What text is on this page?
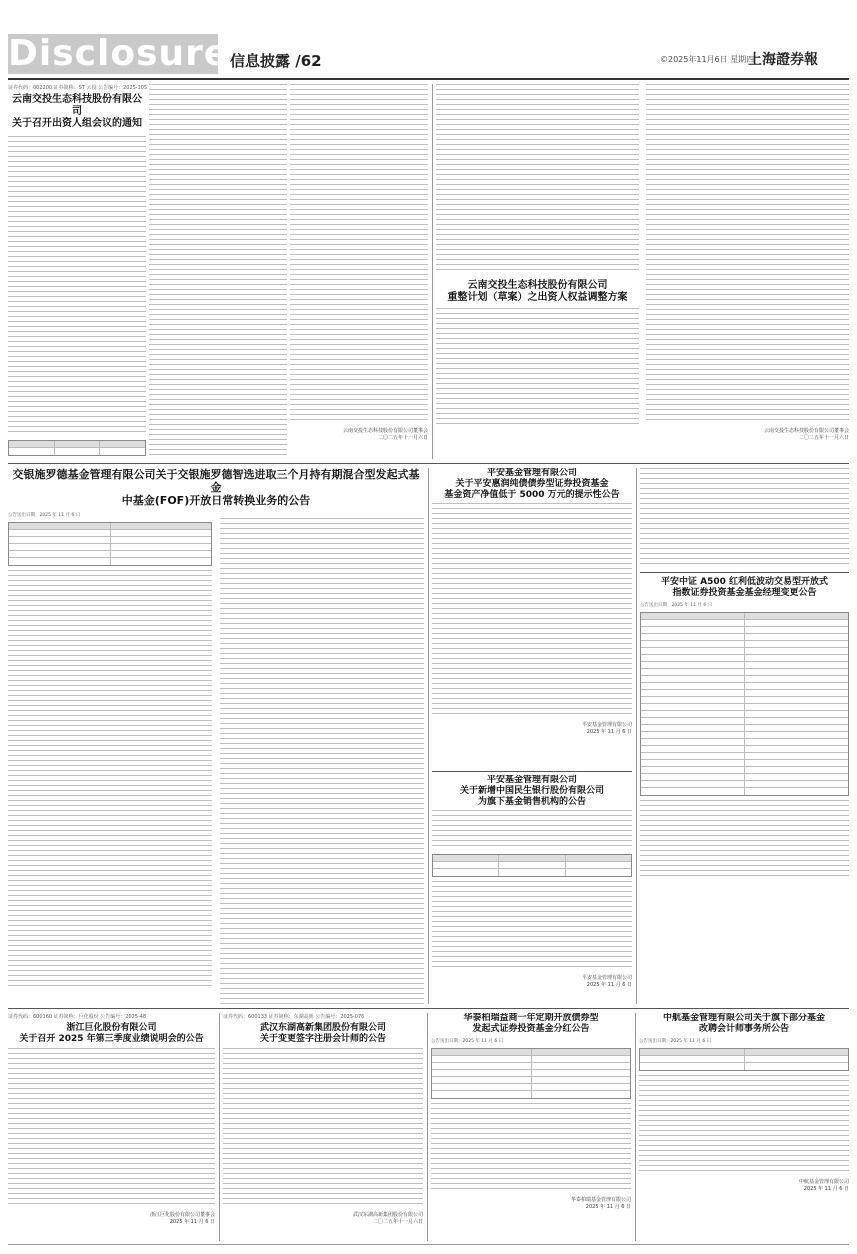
Disclosure 信息披露 /62	©2025年11月6日 星期四
上海證券報
证券代码：002200 证券简称：ST 云投 公告编号：2025-105
云南交投生态科技股份有限公司
关于召开出资人组会议的通知
云南交投生态科技股份有限公司董事会
二〇二五年十一月六日
云南交投生态科技股份有限公司
重整计划（草案）之出资人权益调整方案
云南交投生态科技股份有限公司董事会
二〇二五年十一月六日
交银施罗德基金管理有限公司关于交银施罗德智选进取三个月持有期混合型发起式基金
中基金(FOF)开放日常转换业务的公告
公告送出日期：2025 年 11 月 6 日
平安基金管理有限公司
关于平安惠润纯债债券型证券投资基金
基金资产净值低于 5000 万元的提示性公告
平安基金管理有限公司
2025 年 11 月 6 日
平安基金管理有限公司
关于新增中国民生银行股份有限公司
为旗下基金销售机构的公告
平安基金管理有限公司
2025 年 11 月 6 日
平安中证 A500 红利低波动交易型开放式
指数证券投资基金基金经理变更公告
公告送出日期：2025 年 11 月 6 日
证券代码：600160 证券简称：巨化股份 公告编号：2025-48
浙江巨化股份有限公司
关于召开 2025 年第三季度业绩说明会的公告
浙江巨化股份有限公司董事会
2025 年 11 月 6 日
证券代码：600133 证券简称：东湖高新 公告编号：2025-076
武汉东湖高新集团股份有限公司
关于变更签字注册会计师的公告
武汉东湖高新集团股份有限公司
二〇二五年十一月六日
华泰柏瑞益商一年定期开放债券型
发起式证券投资基金分红公告
公告送出日期：2025 年 11 月 6 日
华泰柏瑞基金管理有限公司
2025 年 11 月 6 日
中航基金管理有限公司关于旗下部分基金
改聘会计师事务所公告
公告送出日期：2025 年 11 月 6 日
中航基金管理有限公司
2025 年 11 月 6 日
